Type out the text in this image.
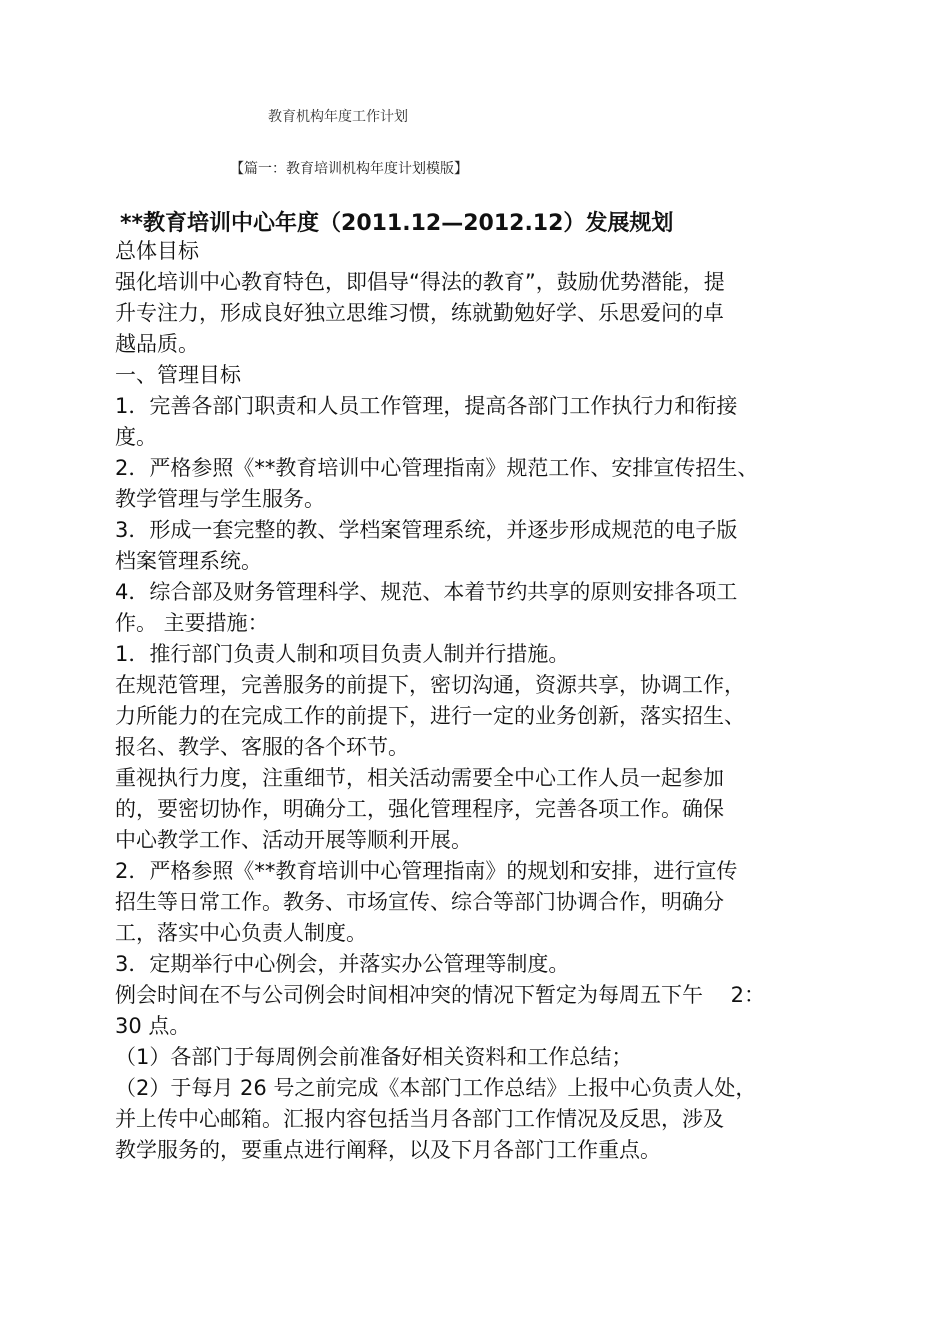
教育机构年度工作计划
【篇一：教育培训机构年度计划模版】
**教育培训中心年度（2011.12—2012.12）发展规划

总体目标

强化培训中心教育特色，即倡导“得法的教育”，鼓励优势潜能，提

升专注力，形成良好独立思维习惯，练就勤勉好学、乐思爱问的卓

越品质。

一、管理目标

1．完善各部门职责和人员工作管理，提高各部门工作执行力和衔接

度。

2．严格参照《**教育培训中心管理指南》规范工作、安排宣传招生、

教学管理与学生服务。

3．形成一套完整的教、学档案管理系统，并逐步形成规范的电子版

档案管理系统。

4．综合部及财务管理科学、规范、本着节约共享的原则安排各项工

作。 主要措施：

1．推行部门负责人制和项目负责人制并行措施。

在规范管理，完善服务的前提下，密切沟通，资源共享，协调工作，

力所能力的在完成工作的前提下，进行一定的业务创新，落实招生、

报名、教学、客服的各个环节。

重视执行力度，注重细节，相关活动需要全中心工作人员一起参加

的，要密切协作，明确分工，强化管理程序，完善各项工作。确保

中心教学工作、活动开展等顺利开展。

2．严格参照《**教育培训中心管理指南》的规划和安排，进行宣传

招生等日常工作。教务、市场宣传、综合等部门协调合作，明确分

工，落实中心负责人制度。

3．定期举行中心例会，并落实办公管理等制度。

例会时间在不与公司例会时间相冲突的情况下暂定为每周五下午　 2：

30 点。

（1）各部门于每周例会前准备好相关资料和工作总结；

（2）于每月 26 号之前完成《本部门工作总结》上报中心负责人处，

并上传中心邮箱。汇报内容包括当月各部门工作情况及反思，涉及

教学服务的，要重点进行阐释，以及下月各部门工作重点。
